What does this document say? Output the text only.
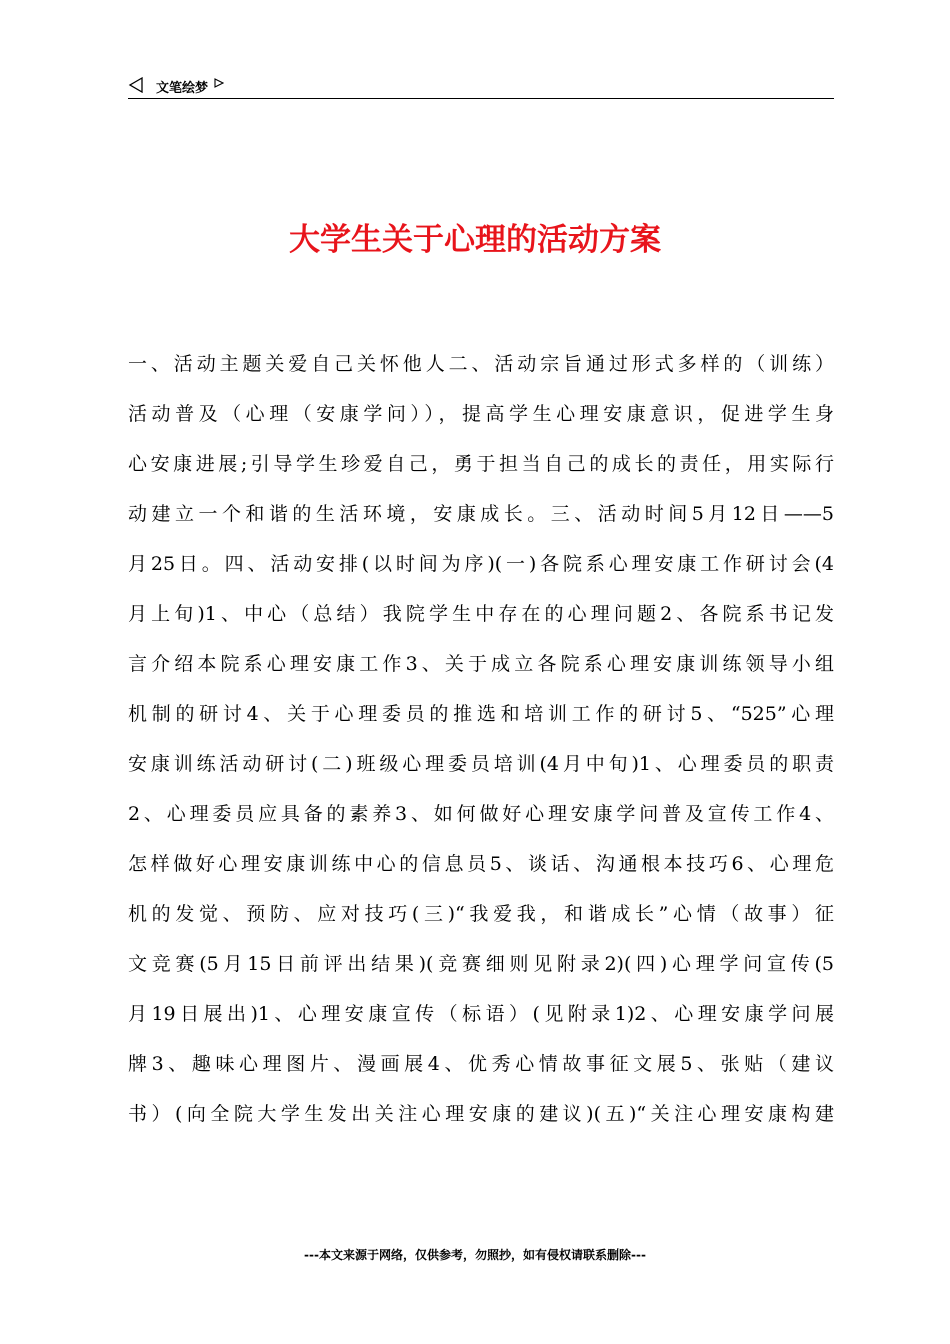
文笔绘梦
大学生关于心理的活动方案
一、活动主题关爱自己关怀他人二、活动宗旨通过形式多样的（训练）
活动普及（心理（安康学问）），提高学生心理安康意识，促进学生身
心安康进展;引导学生珍爱自己，勇于担当自己的成长的责任，用实际行
动建立一个和谐的生活环境，安康成长。三、活动时间5月12日——5
月25日。四、活动安排(以时间为序)(一)各院系心理安康工作研讨会(4
月上旬)1、中心（总结）我院学生中存在的心理问题2、各院系书记发
言介绍本院系心理安康工作3、关于成立各院系心理安康训练领导小组
机制的研讨4、关于心理委员的推选和培训工作的研讨5、“525”心理
安康训练活动研讨(二)班级心理委员培训(4月中旬)1、心理委员的职责
2、心理委员应具备的素养3、如何做好心理安康学问普及宣传工作4、
怎样做好心理安康训练中心的信息员5、谈话、沟通根本技巧6、心理危
机的发觉、预防、应对技巧(三)“我爱我，和谐成长”心情（故事）征
文竞赛(5月15日前评出结果)(竞赛细则见附录2)(四)心理学问宣传(5
月19日展出)1、心理安康宣传（标语）(见附录1)2、心理安康学问展
牌3、趣味心理图片、漫画展4、优秀心情故事征文展5、张贴（建议
书）(向全院大学生发出关注心理安康的建议)(五)“关注心理安康构建
---本文来源于网络，仅供参考，勿照抄，如有侵权请联系删除---
